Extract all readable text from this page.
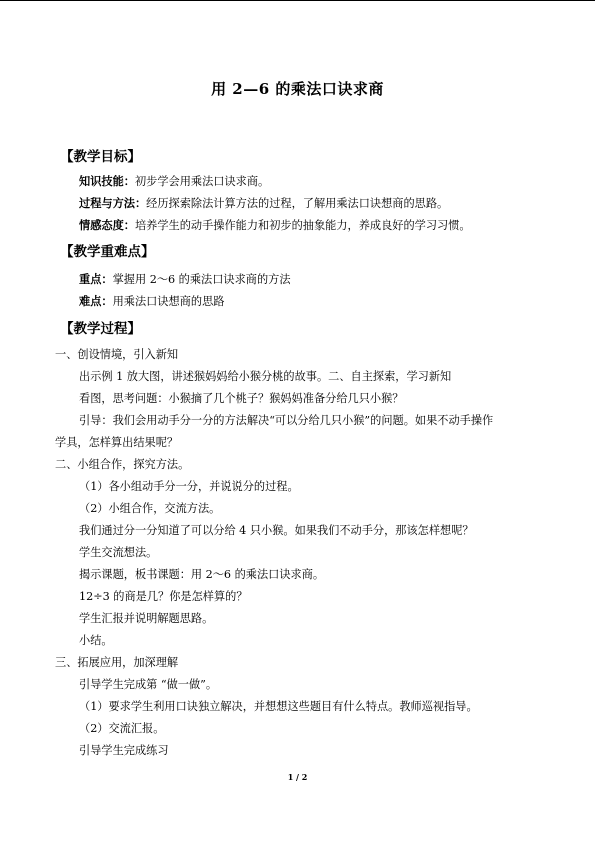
用 2—6 的乘法口诀求商
【教学目标】
知识技能：初步学会用乘法口诀求商。
过程与方法：经历探索除法计算方法的过程，了解用乘法口诀想商的思路。
情感态度：培养学生的动手操作能力和初步的抽象能力，养成良好的学习习惯。
【教学重难点】
重点：掌握用 2～6 的乘法口诀求商的方法
难点：用乘法口诀想商的思路
【教学过程】
一、创设情境，引入新知
出示例 1 放大图，讲述猴妈妈给小猴分桃的故事。二、自主探索，学习新知
看图，思考问题：小猴摘了几个桃子？猴妈妈准备分给几只小猴？
引导：我们会用动手分一分的方法解决“可以分给几只小猴”的问题。如果不动手操作
学具，怎样算出结果呢？
二、小组合作，探究方法。
（1）各小组动手分一分，并说说分的过程。
（2）小组合作，交流方法。
我们通过分一分知道了可以分给 4 只小猴。如果我们不动手分，那该怎样想呢？
学生交流想法。
揭示课题，板书课题：用 2～6 的乘法口诀求商。
12÷3 的商是几？你是怎样算的？
学生汇报并说明解题思路。
小结。
三、拓展应用，加深理解
引导学生完成第 “做一做”。
（1）要求学生利用口诀独立解决，并想想这些题目有什么特点。教师巡视指导。
（2）交流汇报。
引导学生完成练习
1 / 2
